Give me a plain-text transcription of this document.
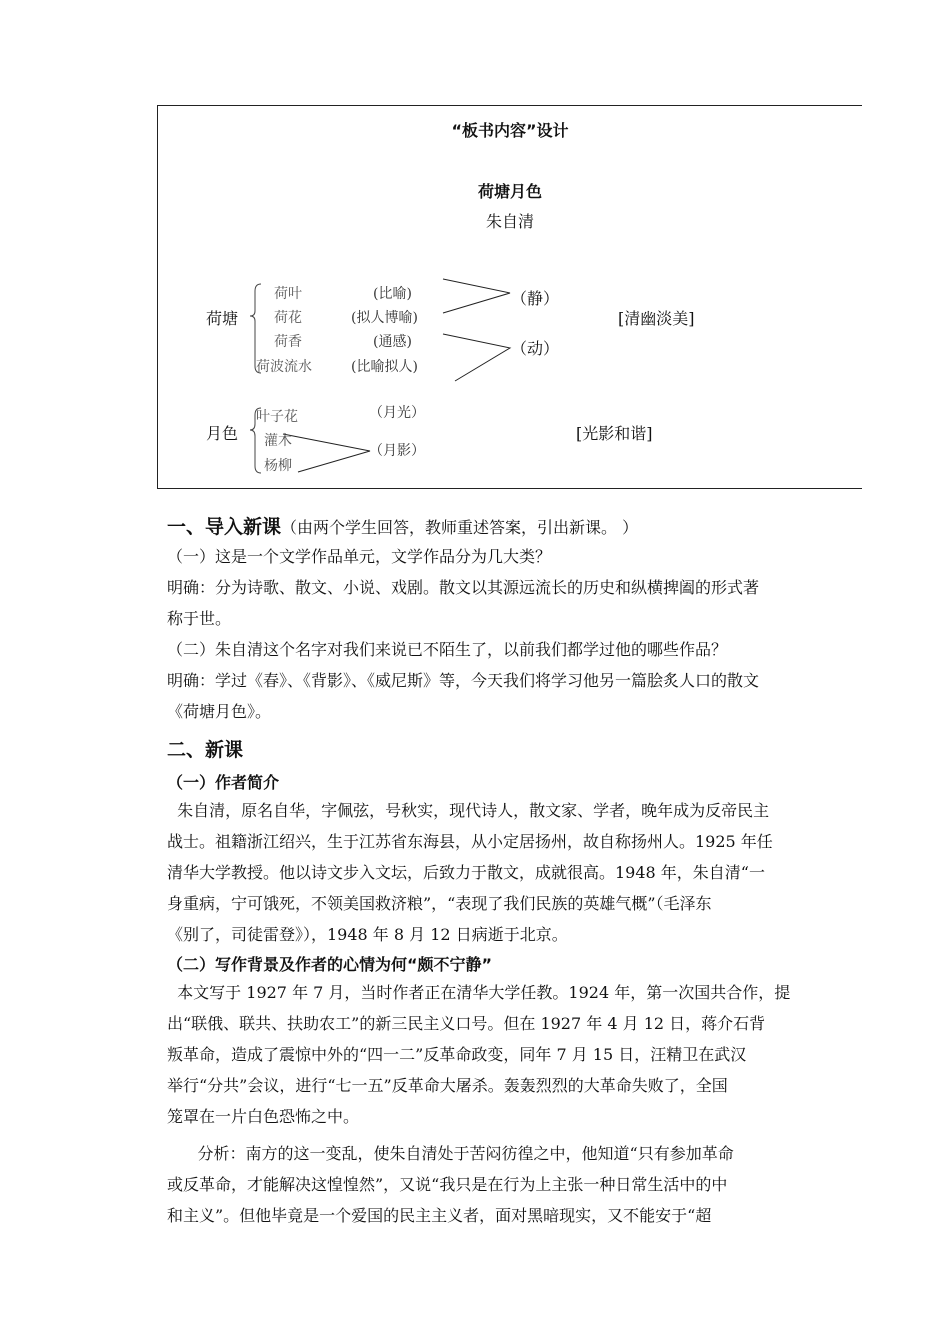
“板书内容”设计
荷塘月色
朱自清
荷塘
荷叶
荷花
荷香
荷波流水
(比喻)
(拟人博喻)
(通感)
(比喻拟人)
（静）
（动）
[清幽淡美]
月色
叶子花
灌木
杨柳
（月光）
（月影）
[光影和谐]
一、导入新课（由两个学生回答，教师重述答案，引出新课。 ）

（一）这是一个文学作品单元，文学作品分为几大类？

明确：分为诗歌、散文、小说、戏剧。散文以其源远流长的历史和纵横捭阖的形式著

称于世。

（二）朱自清这个名字对我们来说已不陌生了，以前我们都学过他的哪些作品？

明确：学过《春》、《背影》、《威尼斯》等，今天我们将学习他另一篇脍炙人口的散文

《荷塘月色》。

二、新课
（一）作者简介

朱自清，原名自华，字佩弦，号秋实，现代诗人，散文家、学者，晚年成为反帝民主

战士。祖籍浙江绍兴，生于江苏省东海县，从小定居扬州，故自称扬州人。1925 年任

清华大学教授。他以诗文步入文坛，后致力于散文，成就很高。1948 年，朱自清“一

身重病，宁可饿死，不领美国救济粮”，“表现了我们民族的英雄气概”（毛泽东

《别了，司徒雷登》），1948 年 8 月 12 日病逝于北京。

（二）写作背景及作者的心情为何“颇不宁静”

本文写于 1927 年 7 月，当时作者正在清华大学任教。1924 年，第一次国共合作，提

出“联俄、联共、扶助农工”的新三民主义口号。但在 1927 年 4 月 12 日，蒋介石背

叛革命，造成了震惊中外的“四一二”反革命政变，同年 7 月 15 日，汪精卫在武汉

举行“分共”会议，进行“七一五”反革命大屠杀。轰轰烈烈的大革命失败了，全国

笼罩在一片白色恐怖之中。

分析：南方的这一变乱，使朱自清处于苦闷彷徨之中，他知道“只有参加革命

或反革命，才能解决这惶惶然”，又说“我只是在行为上主张一种日常生活中的中

和主义”。但他毕竟是一个爱国的民主主义者，面对黑暗现实，又不能安于“超
